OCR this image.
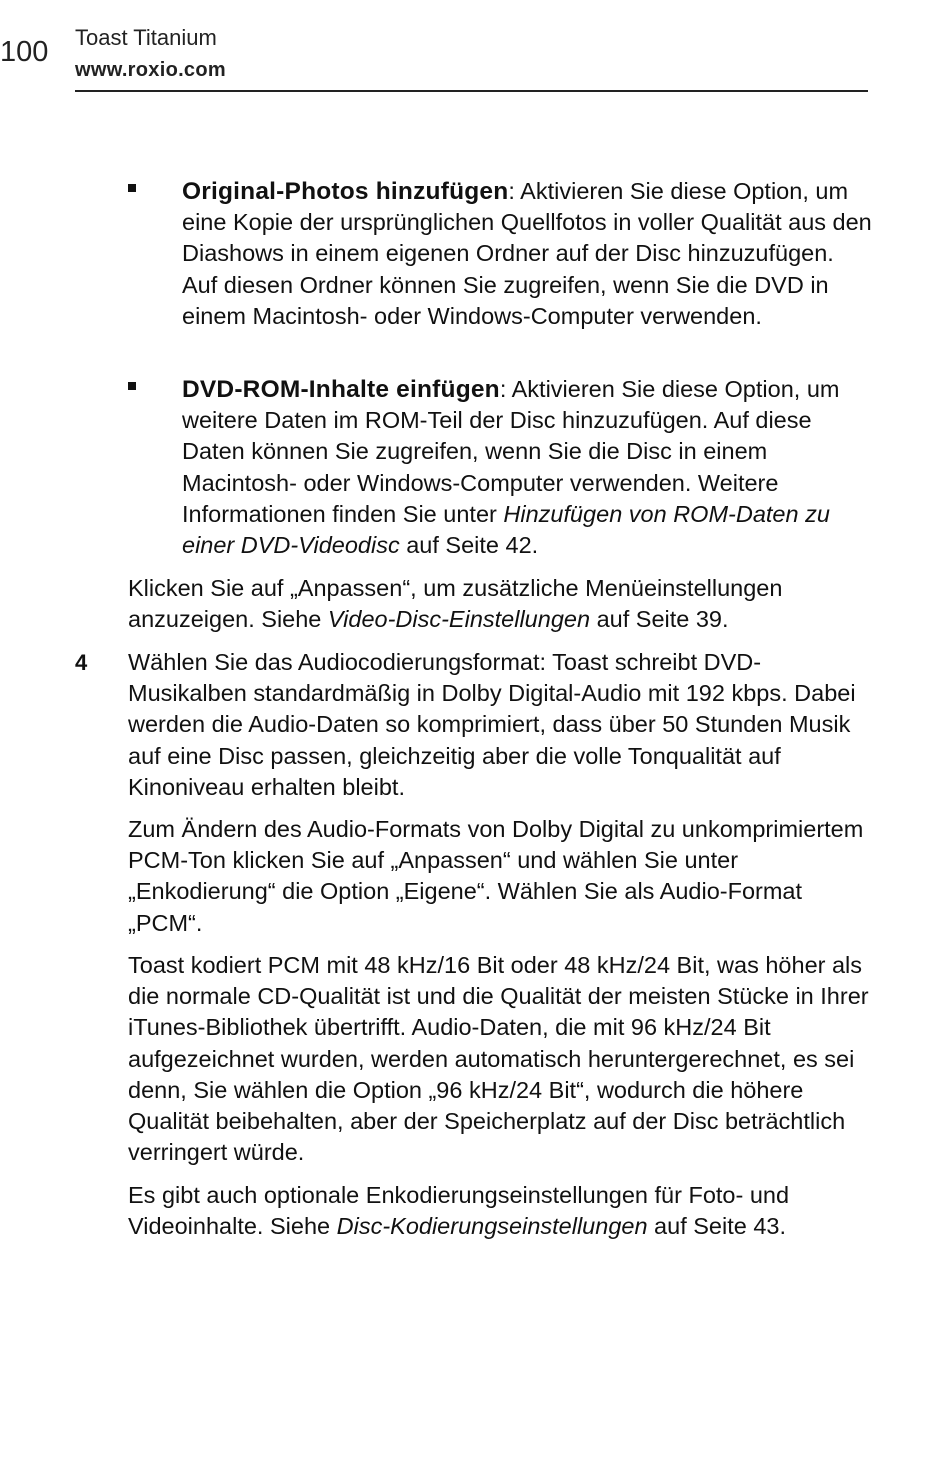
100 Toast Titanium
www.roxio.com

Original-Photos hinzufügen: Aktivieren Sie diese Option, um eine Kopie der ursprünglichen Quellfotos in voller Qualität aus den Diashows in einem eigenen Ordner auf der Disc hinzuzufügen. Auf diesen Ordner können Sie zugreifen, wenn Sie die DVD in einem Macintosh- oder Windows-Computer verwenden.

DVD-ROM-Inhalte einfügen: Aktivieren Sie diese Option, um weitere Daten im ROM-Teil der Disc hinzuzufügen. Auf diese Daten können Sie zugreifen, wenn Sie die Disc in einem Macintosh- oder Windows-Computer verwenden. Weitere Informationen finden Sie unter Hinzufügen von ROM-Daten zu einer DVD-Videodisc auf Seite 42.

Klicken Sie auf „Anpassen“, um zusätzliche Menüeinstellungen anzuzeigen. Siehe Video-Disc-Einstellungen auf Seite 39.

4 Wählen Sie das Audiocodierungsformat: Toast schreibt DVD-Musikalben standardmäßig in Dolby Digital-Audio mit 192 kbps. Dabei werden die Audio-Daten so komprimiert, dass über 50 Stunden Musik auf eine Disc passen, gleichzeitig aber die volle Tonqualität auf Kinoniveau erhalten bleibt.

Zum Ändern des Audio-Formats von Dolby Digital zu unkomprimiertem PCM-Ton klicken Sie auf „Anpassen“ und wählen Sie unter „Enkodierung“ die Option „Eigene“. Wählen Sie als Audio-Format „PCM“.

Toast kodiert PCM mit 48 kHz/16 Bit oder 48 kHz/24 Bit, was höher als die normale CD-Qualität ist und die Qualität der meisten Stücke in Ihrer iTunes-Bibliothek übertrifft. Audio-Daten, die mit 96 kHz/24 Bit aufgezeichnet wurden, werden automatisch heruntergerechnet, es sei denn, Sie wählen die Option „96 kHz/24 Bit“, wodurch die höhere Qualität beibehalten, aber der Speicherplatz auf der Disc beträchtlich verringert würde.

Es gibt auch optionale Enkodierungseinstellungen für Foto- und Videoinhalte. Siehe Disc-Kodierungseinstellungen auf Seite 43.
